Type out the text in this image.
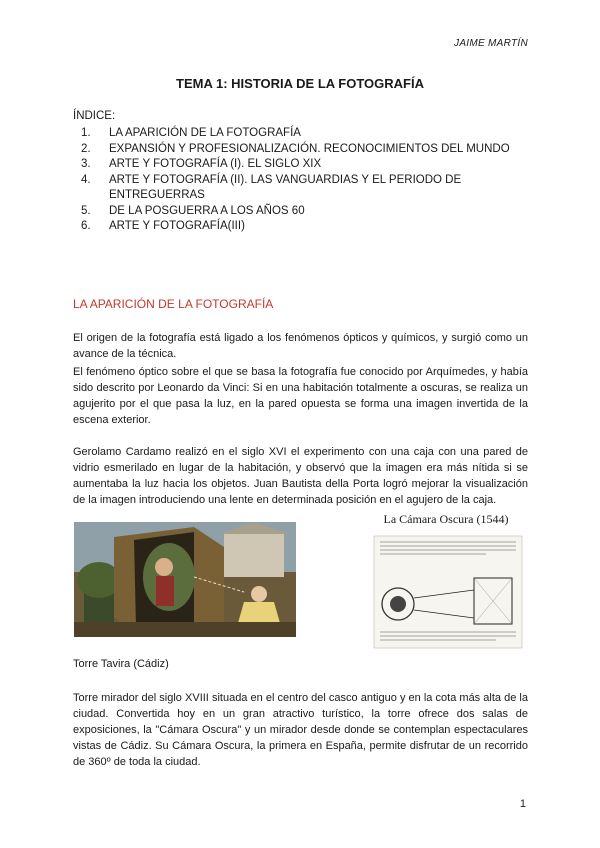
JAIME MARTÍN
TEMA 1: HISTORIA DE LA FOTOGRAFÍA
ÍNDICE:
1.	LA APARICIÓN DE LA FOTOGRAFÍA
2.	EXPANSIÓN Y PROFESIONALIZACIÓN. RECONOCIMIENTOS DEL MUNDO
3.	ARTE Y FOTOGRAFÍA (I). EL SIGLO XIX
4.	ARTE Y FOTOGRAFÍA (II). LAS VANGUARDIAS Y EL PERIODO DE ENTREGUERRAS
5.	DE LA POSGUERRA A LOS AÑOS 60
6.	ARTE Y FOTOGRAFÍA(III)
LA APARICIÓN DE LA FOTOGRAFÍA

El origen de la fotografía está ligado a los fenómenos ópticos y químicos, y surgió como un avance de la técnica.

El fenómeno óptico sobre el que se basa la fotografía fue conocido por Arquímedes, y había sido descrito por Leonardo da Vinci: Si en una habitación totalmente a oscuras, se realiza un agujerito por el que pasa la luz, en la pared opuesta se forma una imagen invertida de la escena exterior.

Gerolamo Cardamo realizó en el siglo XVI el experimento con una caja con una pared de vidrio esmerilado en lugar de la habitación, y observó que la imagen era más nítida si se aumentaba la luz hacia los objetos. Juan Bautista della Porta logró mejorar la visualización de la imagen introduciendo una lente en determinada posición en el agujero de la caja.

La Cámara Oscura (1544)
Torre Tavira (Cádiz)

Torre mirador del siglo XVIII situada en el centro del casco antiguo y en la cota más alta de la ciudad. Convertida hoy en un gran atractivo turístico, la torre ofrece dos salas de exposiciones, la "Cámara Oscura" y un mirador desde donde se contemplan espectaculares vistas de Cádiz. Su Cámara Oscura, la primera en España, permite disfrutar de un recorrido de 360º de toda la ciudad.

1
